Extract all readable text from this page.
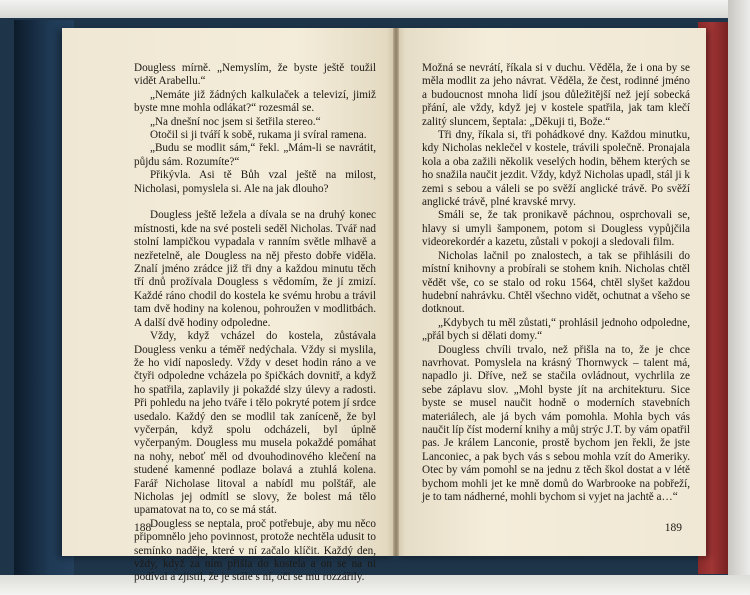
Dougless mírně. „Nemyslím, že byste ještě toužil vidět Arabellu.“

„Nemáte již žádných kalkulaček a televizí, jimiž byste mne mohla odlákat?“ rozesmál se.

„Na dnešní noc jsem si šetřila stereo.“

Otočil si ji tváří k sobě, rukama ji svíral ramena.

„Budu se modlit sám,“ řekl. „Mám-li se navrátit, půjdu sám. Rozumíte?“

Přikývla. Asi tě Bůh vzal ještě na milost, Nicholasi, pomyslela si. Ale na jak dlouho?

Dougless ještě ležela a dívala se na druhý konec místnosti, kde na své posteli seděl Nicholas. Tvář nad stolní lampičkou vypadala v ranním světle mlhavě a nezřetelně, ale Dougless na něj přesto dobře viděla. Znalí jméno zrádce již tři dny a každou minutu těch tří dnů prožívala Dougless s vědomím, že jí zmizí. Každé ráno chodil do kostela ke svému hrobu a trávil tam dvě hodiny na kolenou, pohroužen v modlitbách. A další dvě hodiny odpoledne.

Vždy, když vcházel do kostela, zůstávala Dougless venku a téměř nedýchala. Vždy si myslila, že ho vidí naposledy. Vždy v deset hodin ráno a ve čtyři odpoledne vcházela po špičkách dovnitř, a když ho spatřila, zaplavily ji pokaždé slzy úlevy a radosti. Při pohledu na jeho tváře i tělo pokryté potem jí srdce usedalo. Každý den se modlil tak zaníceně, že byl vyčerpán, když spolu odcházeli, byl úplně vyčerpaným. Dougless mu musela pokaždé pomáhat na nohy, neboť měl od dvouhodinového klečení na studené kamenné podlaze bolavá a ztuhlá kolena. Farář Nicholase litoval a nabídl mu polštář, ale Nicholas jej odmítl se slovy, že bolest má tělo upamatovat na to, co se má stát.

Dougless se neptala, proč potřebuje, aby mu něco připomnělo jeho povinnost, protože nechtěla udusit to semínko naděje, které v ní začalo klíčit. Každý den, vždy, když za ním přišla do kostela a on se na ni podíval a zjistil, že je stále s ní, oči se mu rozzářily.

188

Možná se nevrátí, říkala si v duchu. Věděla, že i ona by se měla modlit za jeho návrat. Věděla, že čest, rodinné jméno a budoucnost mnoha lidí jsou důležitější než její sobecká přání, ale vždy, když jej v kostele spatřila, jak tam klečí zalitý sluncem, šeptala: „Děkuji ti, Bože.“

Tři dny, říkala si, tři pohádkové dny. Každou minutku, kdy Nicholas neklečel v kostele, trávili společně. Pronajala kola a oba zažili několik veselých hodin, během kterých se ho snažila naučit jezdit. Vždy, když Nicholas upadl, stál ji k zemi s sebou a váleli se po svěží anglické trávě. Po svěží anglické trávě, plné kravské mrvy.

Smáli se, že tak pronikavě páchnou, osprchovali se, hlavy si umyli šamponem, potom si Dougless vypůjčila videorekordér a kazetu, zůstali v pokoji a sledovali film.

Nicholas lačnil po znalostech, a tak se přihlásili do místní knihovny a probírali se stohem knih. Nicholas chtěl vědět vše, co se stalo od roku 1564, chtěl slyšet každou hudební nahrávku. Chtěl všechno vidět, ochutnat a všeho se dotknout.

„Kdybych tu měl zůstati,“ prohlásil jednoho odpoledne, „přál bych si dělati domy.“

Dougless chvíli trvalo, než přišla na to, že je chce navrhovat. Pomyslela na krásný Thornwyck – talent má, napadlo ji. Dříve, než se stačila ovládnout, vychrlila ze sebe záplavu slov. „Mohl byste jít na architekturu. Sice byste se musel naučit hodně o moderních stavebních materiálech, ale já bych vám pomohla. Mohla bych vás naučit líp číst moderní knihy a můj strýc J.T. by vám opatřil pas. Je králem Lanconie, prostě bychom jen řekli, že jste Lanconiec, a pak bych vás s sebou mohla vzít do Ameriky. Otec by vám pomohl se na jednu z těch škol dostat a v létě bychom mohli jet ke mně domů do Warbrooke na pobřeží, je to tam nádherné, mohli bychom si vyjet na jachtě a…“

189
